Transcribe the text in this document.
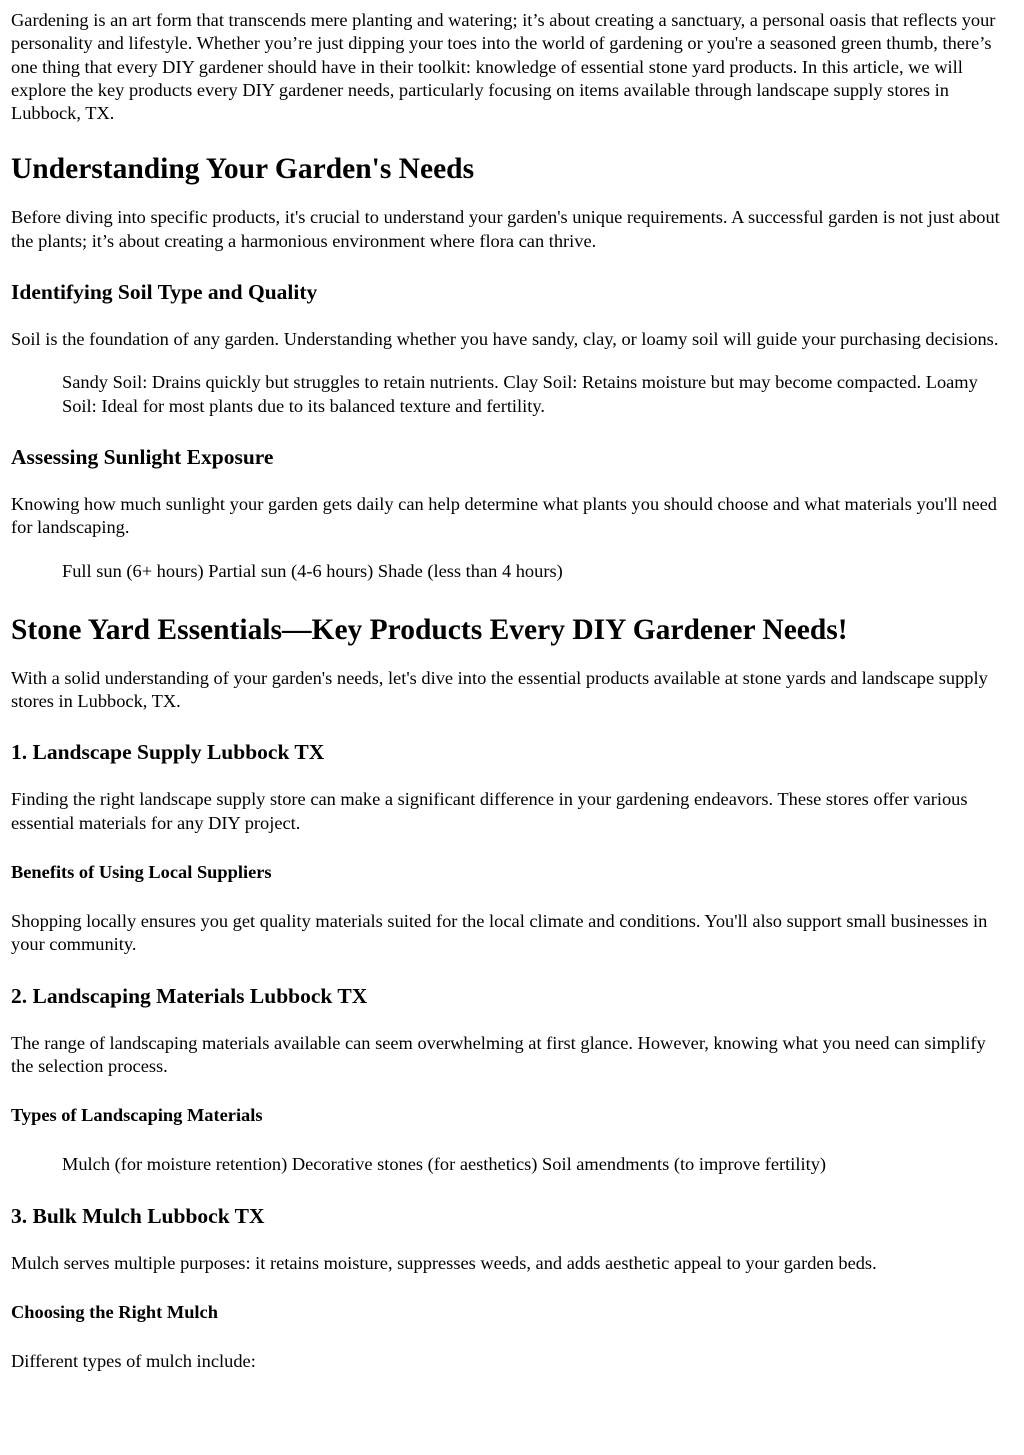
Gardening is an art form that transcends mere planting and watering; it’s about creating a sanctuary, a personal oasis that reflects your personality and lifestyle. Whether you’re just dipping your toes into the world of gardening or you're a seasoned green thumb, there’s one thing that every DIY gardener should have in their toolkit: knowledge of essential stone yard products. In this article, we will explore the key products every DIY gardener needs, particularly focusing on items available through landscape supply stores in Lubbock, TX.

Understanding Your Garden's Needs

Before diving into specific products, it's crucial to understand your garden's unique requirements. A successful garden is not just about the plants; it’s about creating a harmonious environment where flora can thrive.

Identifying Soil Type and Quality

Soil is the foundation of any garden. Understanding whether you have sandy, clay, or loamy soil will guide your purchasing decisions.

Sandy Soil: Drains quickly but struggles to retain nutrients. Clay Soil: Retains moisture but may become compacted. Loamy Soil: Ideal for most plants due to its balanced texture and fertility.
Assessing Sunlight Exposure

Knowing how much sunlight your garden gets daily can help determine what plants you should choose and what materials you'll need for landscaping.

Full sun (6+ hours) Partial sun (4-6 hours) Shade (less than 4 hours)
Stone Yard Essentials—Key Products Every DIY Gardener Needs!

With a solid understanding of your garden's needs, let's dive into the essential products available at stone yards and landscape supply stores in Lubbock, TX.

1. Landscape Supply Lubbock TX

Finding the right landscape supply store can make a significant difference in your gardening endeavors. These stores offer various essential materials for any DIY project.

Benefits of Using Local Suppliers

Shopping locally ensures you get quality materials suited for the local climate and conditions. You'll also support small businesses in your community.

2. Landscaping Materials Lubbock TX

The range of landscaping materials available can seem overwhelming at first glance. However, knowing what you need can simplify the selection process.

Types of Landscaping Materials
Mulch (for moisture retention) Decorative stones (for aesthetics) Soil amendments (to improve fertility)
3. Bulk Mulch Lubbock TX

Mulch serves multiple purposes: it retains moisture, suppresses weeds, and adds aesthetic appeal to your garden beds.

Choosing the Right Mulch

Different types of mulch include:
